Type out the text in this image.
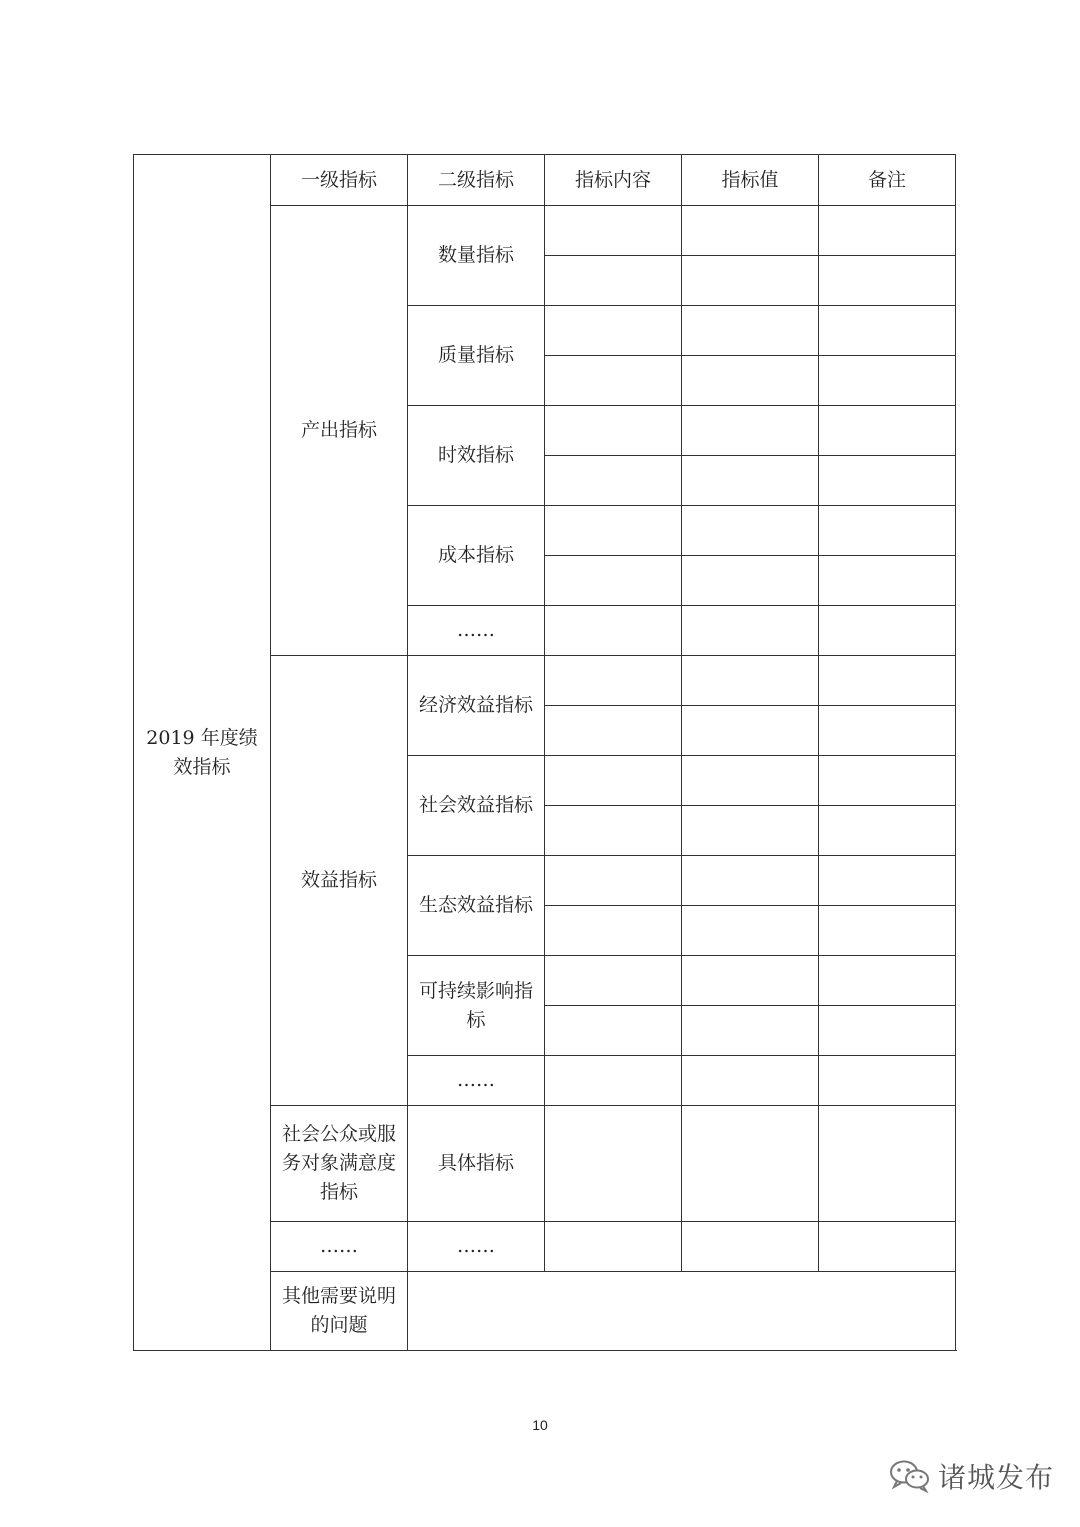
2019 年度绩效指标	一级指标	二级指标	指标内容	指标值	备注
	产出指标	数量指标			

		质量指标			

		时效指标			

		成本指标			

		……			
	效益指标	经济效益指标			

		社会效益指标			

		生态效益指标			

		可持续影响指标			

		……			
	社会公众或服务对象满意度指标	具体指标			
	……	……			
	其他需要说明的问题				
10
诸城发布
